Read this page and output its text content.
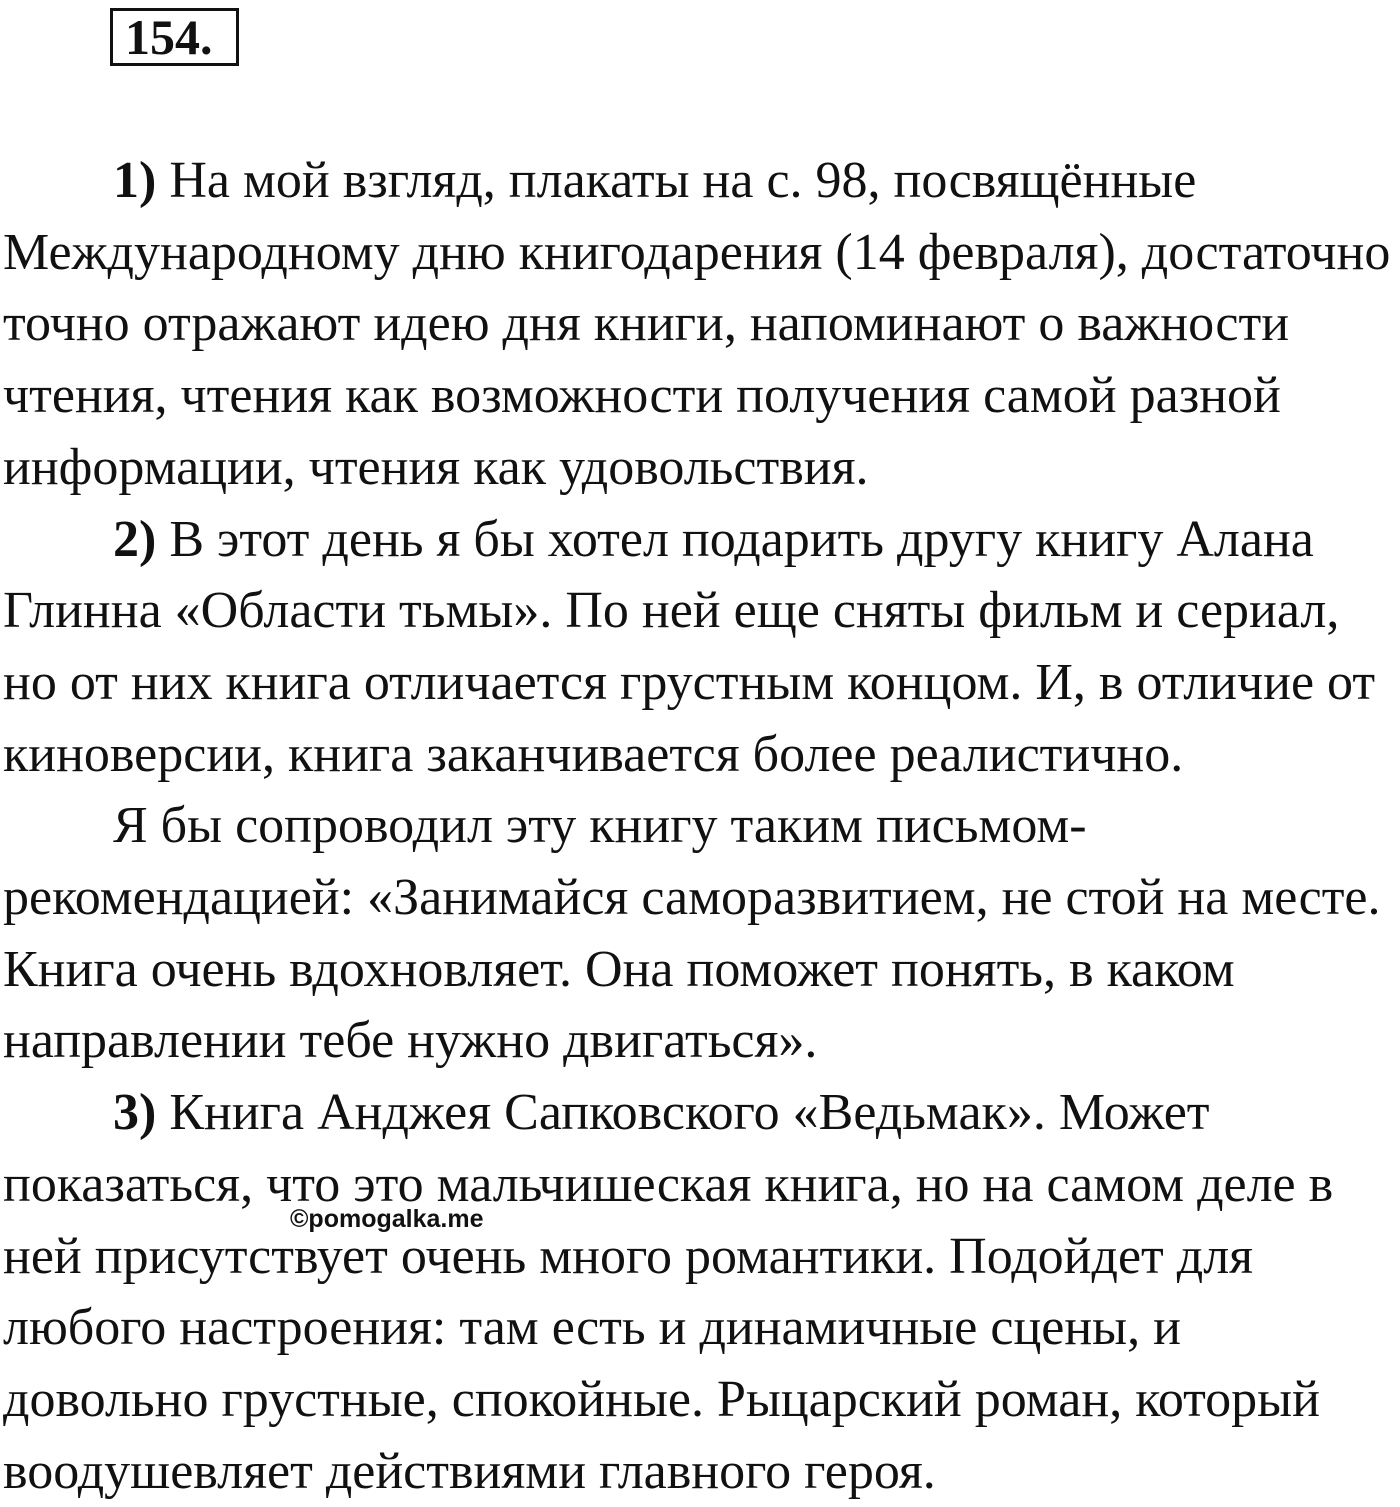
154.

1) На мой взгляд, плакаты на с. 98, посвящённые Международному дню книгодарения (14 февраля), достаточно точно отражают идею дня книги, напоминают о важности чтения, чтения как возможности получения самой разной информации, чтения как удовольствия.

2) В этот день я бы хотел подарить другу книгу Алана Глинна «Области тьмы». По ней еще сняты фильм и сериал, но от них книга отличается грустным концом. И, в отличие от киноверсии, книга заканчивается более реалистично.

Я бы сопроводил эту книгу таким письмом-рекомендацией: «Занимайся саморазвитием, не стой на месте. Книга очень вдохновляет. Она поможет понять, в каком направлении тебе нужно двигаться».

3) Книга Анджея Сапковского «Ведьмак». Может показаться, что это мальчишеская книга, но на самом деле в ней присутствует очень много романтики. Подойдет для любого настроения: там есть и динамичные сцены, и довольно грустные, спокойные. Рыцарский роман, который воодушевляет действиями главного героя.

©pomogalka.me
